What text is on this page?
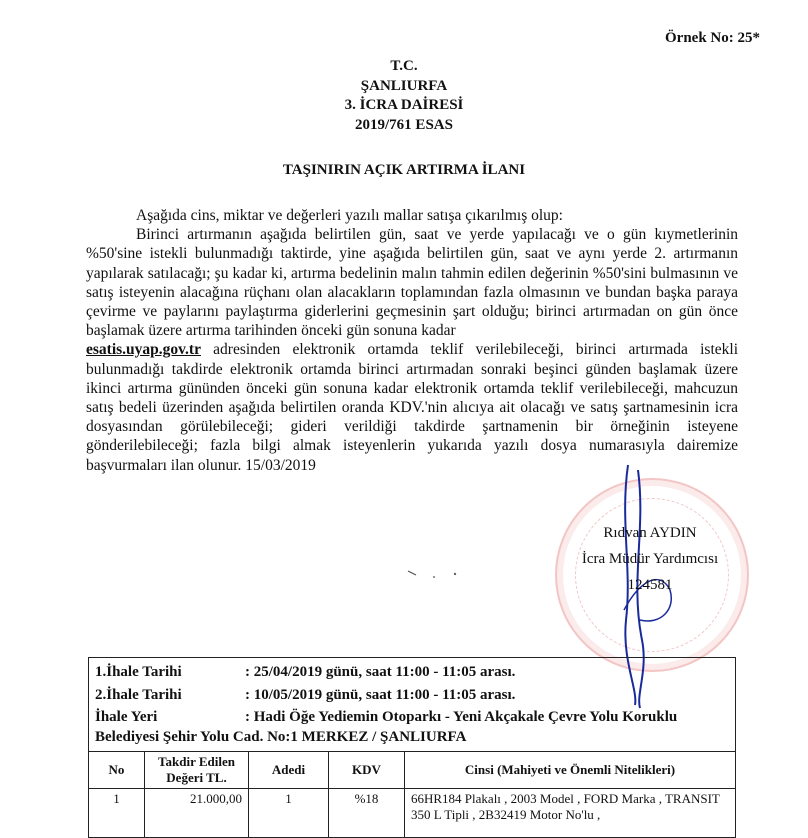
Örnek No: 25*
T.C.
ŞANLIURFA
3. İCRA DAİRESİ
2019/761 ESAS
TAŞINIRIN AÇIK ARTIRMA İLANI

Aşağıda cins, miktar ve değerleri yazılı mallar satışa çıkarılmış olup:

Birinci artırmanın aşağıda belirtilen gün, saat ve yerde yapılacağı ve o gün kıymetlerinin %50'sine istekli bulunmadığı taktirde, yine aşağıda belirtilen gün, saat ve aynı yerde 2. artırmanın yapılarak satılacağı; şu kadar ki, artırma bedelinin malın tahmin edilen değerinin %50'sini bulmasının ve satış isteyenin alacağına rüçhanı olan alacakların toplamından fazla olmasının ve bundan başka paraya çevirme ve paylarını paylaştırma giderlerini geçmesinin şart olduğu; birinci artırmadan on gün önce başlamak üzere artırma tarihinden önceki gün sonuna kadar
esatis.uyap.gov.tr adresinden elektronik ortamda teklif verilebileceği, birinci artırmada istekli bulunmadığı takdirde elektronik ortamda birinci artırmadan sonraki beşinci günden başlamak üzere ikinci artırma gününden önceki gün sonuna kadar elektronik ortamda teklif verilebileceği, mahcuzun satış bedeli üzerinden aşağıda belirtilen oranda KDV.'nin alıcıya ait olacağı ve satış şartnamesinin icra dosyasından görülebileceği; gideri verildiği takdirde şartnamenin bir örneğinin isteyene gönderilebileceği; fazla bilgi almak isteyenlerin yukarıda yazılı dosya numarasıyla dairemize başvurmaları ilan olunur. 15/03/2019

Rıdvan AYDIN
İcra Müdür Yardımcısı
124581
1.İhale Tarihi	: 25/04/2019 günü, saat 11:00 - 11:05 arası.
2.İhale Tarihi	: 10/05/2019 günü, saat 11:00 - 11:05 arası.
İhale Yeri	: Hadi Öğe Yediemin Otoparkı - Yeni Akçakale Çevre Yolu Koruklu Belediyesi Şehir Yolu Cad. No:1 MERKEZ / ŞANLIURFA
No	Takdir Edilen Değeri TL.	Adedi	KDV	Cinsi (Mahiyeti ve Önemli Nitelikleri)
1	21.000,00	1	%18	66HR184 Plakalı , 2003 Model , FORD Marka , TRANSIT 350 L Tipli , 2B32419 Motor No'lu ,
